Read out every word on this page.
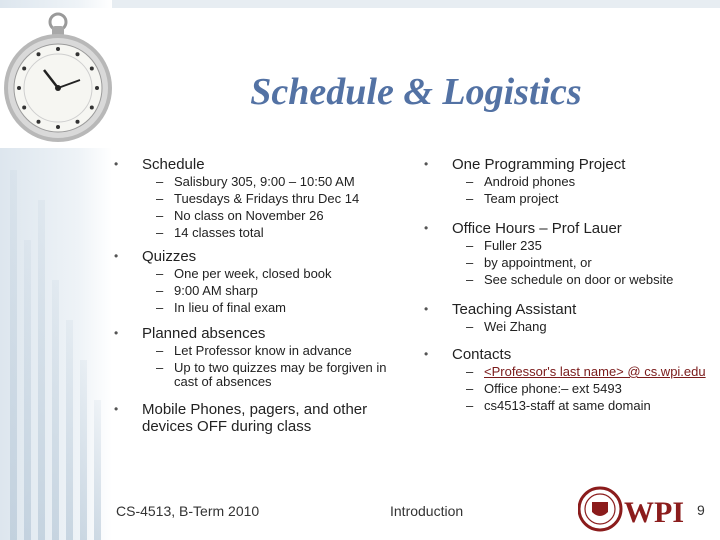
Schedule & Logistics
• Schedule
– Salisbury 305, 9:00 – 10:50 AM
– Tuesdays & Fridays thru Dec 14
– No class on November 26
– 14 classes total
• Quizzes
– One per week, closed book
– 9:00 AM sharp
– In lieu of final exam
• Planned absences
– Let Professor know in advance
– Up to two quizzes may be forgiven in cast of absences
• Mobile Phones, pagers, and other devices OFF during class
• One Programming Project
– Android phones
– Team project
• Office Hours – Prof Lauer
– Fuller 235
– by appointment, or
– See schedule on door or website
• Teaching Assistant
– Wei Zhang
• Contacts
– <Professor's last name> @ cs.wpi.edu
– Office phone:– ext 5493
– cs4513-staff at same domain
CS-4513, B-Term 2010	Introduction	9
WPI
